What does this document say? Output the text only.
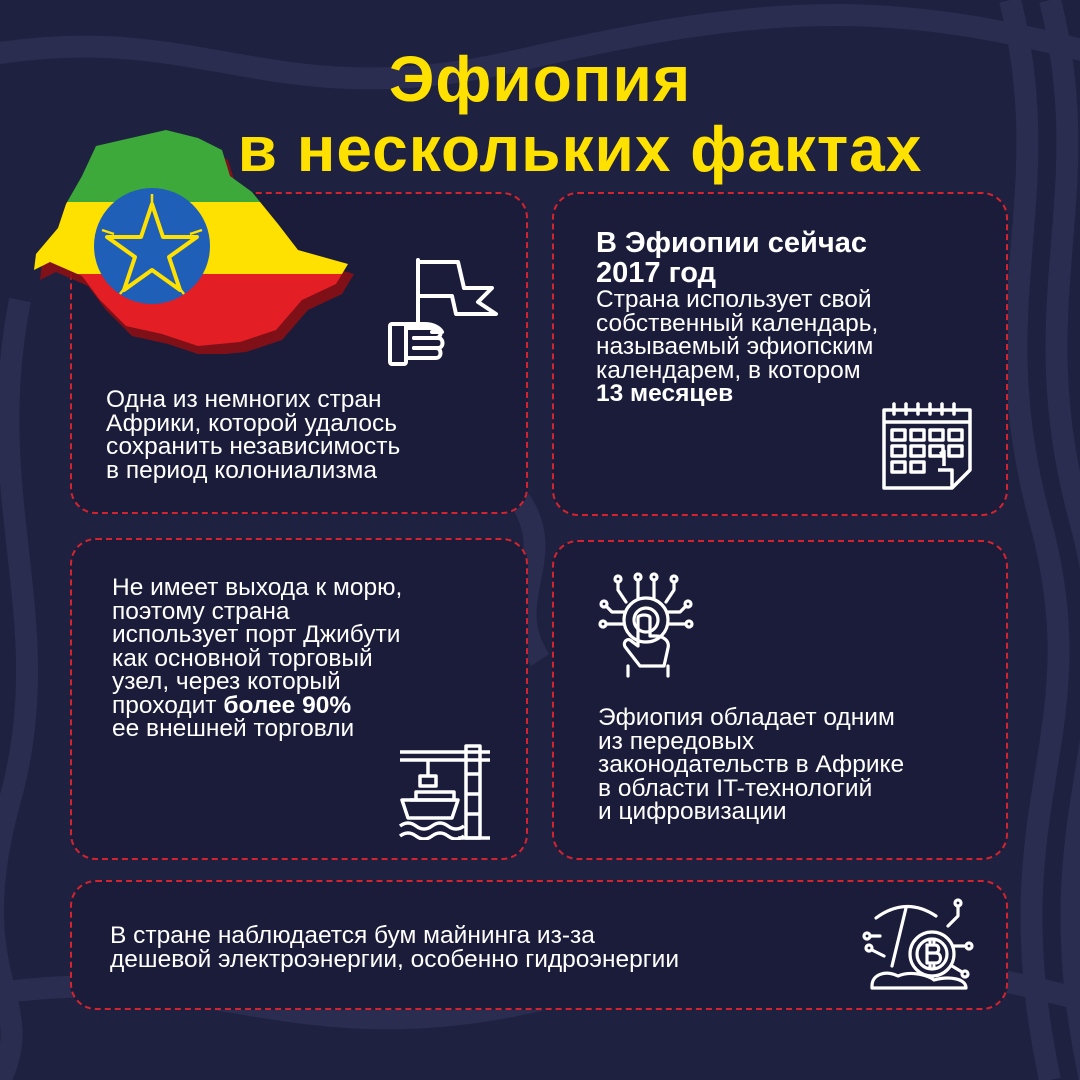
Эфиопия
в нескольких фактах
Одна из немногих стран
Африки, которой удалось
сохранить независимость
в период колониализма
В Эфиопии сейчас
2017 год
Страна использует свой
собственный календарь,
называемый эфиопским
календарем, в котором
13 месяцев
Не имеет выхода к морю,
поэтому страна
использует порт Джибути
как основной торговый
узел, через который
проходит более 90%
ее внешней торговли	Эфиопия обладает одним
из передовых
законодательств в Африке
в области IT-технологий
и цифровизации
В стране наблюдается бум майнинга из-за
дешевой электроэнергии, особенно гидроэнергии
